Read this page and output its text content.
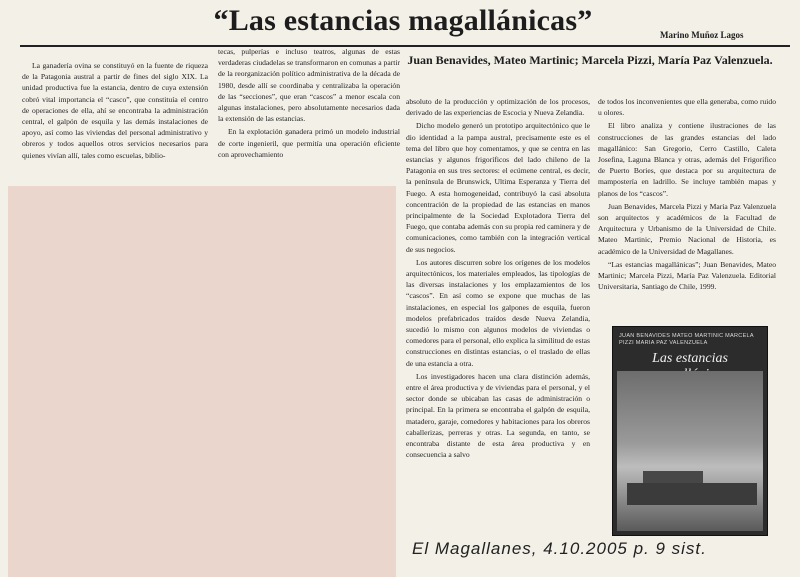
“Las estancias magallánicas”	Marino Muñoz Lagos

La ganadería ovina se constituyó en la fuente de riqueza de la Patagonia austral a partir de fines del siglo XIX. La unidad productiva fue la estancia, dentro de cuya extensión cobró vital importancia el “casco”, que constituía el centro de operaciones de ella, ahí se encontraba la administración central, el galpón de esquila y las demás instalaciones de apoyo, así como las viviendas del personal administrativo y obreros y todos aquellos otros servicios necesarios para quienes vivían allí, tales como escuelas, biblio-

tecas, pulperías e incluso teatros, algunas de estas verdaderas ciudadelas se transformaron en comunas a partir de la reorganización político administrativa de la década de 1980, desde allí se coordinaba y centralizaba la operación de las “secciones”, que eran “cascos” a menor escala con algunas instalaciones, pero absolutamente necesarios dada la extensión de las estancias.

En la explotación ganadera primó un modelo industrial de corte ingenieril, que permitía una operación eficiente con aprovechamiento

Juan Benavides, Mateo Martinic; Marcela Pizzi, María Paz Valenzuela.

absoluto de la producción y optimización de los procesos, derivado de las experiencias de Escocia y Nueva Zelandia.

Dicho modelo generó un prototipo arquitectónico que le dio identidad a la pampa austral, precisamente este es el tema del libro que hoy comentamos, y que se centra en las estancias y algunos frigoríficos del lado chileno de la Patagonia en sus tres sectores: el ecúmene central, es decir, la península de Brunswick, Ultima Esperanza y Tierra del Fuego. A esta homogeneidad, contribuyó la casi absoluta concentración de la propiedad de las estancias en manos principalmente de la Sociedad Explotadora Tierra del Fuego, que contaba además con su propia red caminera y de comunicaciones, como también con la integración vertical de sus negocios.

Los autores discurren sobre los orígenes de los modelos arquitectónicos, los materiales empleados, las tipologías de las diversas instalaciones y los emplazamientos de los “cascos”. En así como se expone que muchas de las instalaciones, en especial los galpones de esquila, fueron modelos prefabricados traídos desde Nueva Zelandia, sucedió lo mismo con algunos modelos de viviendas o comedores para el personal, ello explica la similitud de estas construcciones en distintas estancias, o el traslado de ellas de una estancia a otra.

Los investigadores hacen una clara distinción además, entre el área productiva y de viviendas para el personal, y el sector donde se ubicaban las casas de administración o principal. En la primera se encontraba el galpón de esquila, matadero, garaje, comedores y habitaciones para los obreros caballerizas, perreras y otras. La segunda, en tanto, se encontraba distante de esta área productiva y en consecuencia a salvo

de todos los inconvenientes que ella generaba, como ruido u olores.

El libro analiza y contiene ilustraciones de las construcciones de las grandes estancias del lado magallánico: San Gregorio, Cerro Castillo, Caleta Josefina, Laguna Blanca y otras, además del Frigorífico de Puerto Bories, que destaca por su arquitectura de mampostería en ladrillo. Se incluye también mapas y planos de los “cascos”.

Juan Benavides, Marcela Pizzi y María Paz Valenzuela son arquitectos y académicos de la Facultad de Arquitectura y Urbanismo de la Universidad de Chile. Mateo Martinic, Premio Nacional de Historia, es académico de la Universidad de Magallanes.

“Las estancias magallánicas”; Juan Benavides, Mateo Martinic; Marcela Pizzi, María Paz Valenzuela. Editorial Universitaria, Santiago de Chile, 1999.

JUAN BENAVIDES MATEO MARTINIC MARCELA PIZZI MARIA PAZ VALENZUELA
Las estancias
El Magallanes, 4.10.2005 p. 9 sist.
